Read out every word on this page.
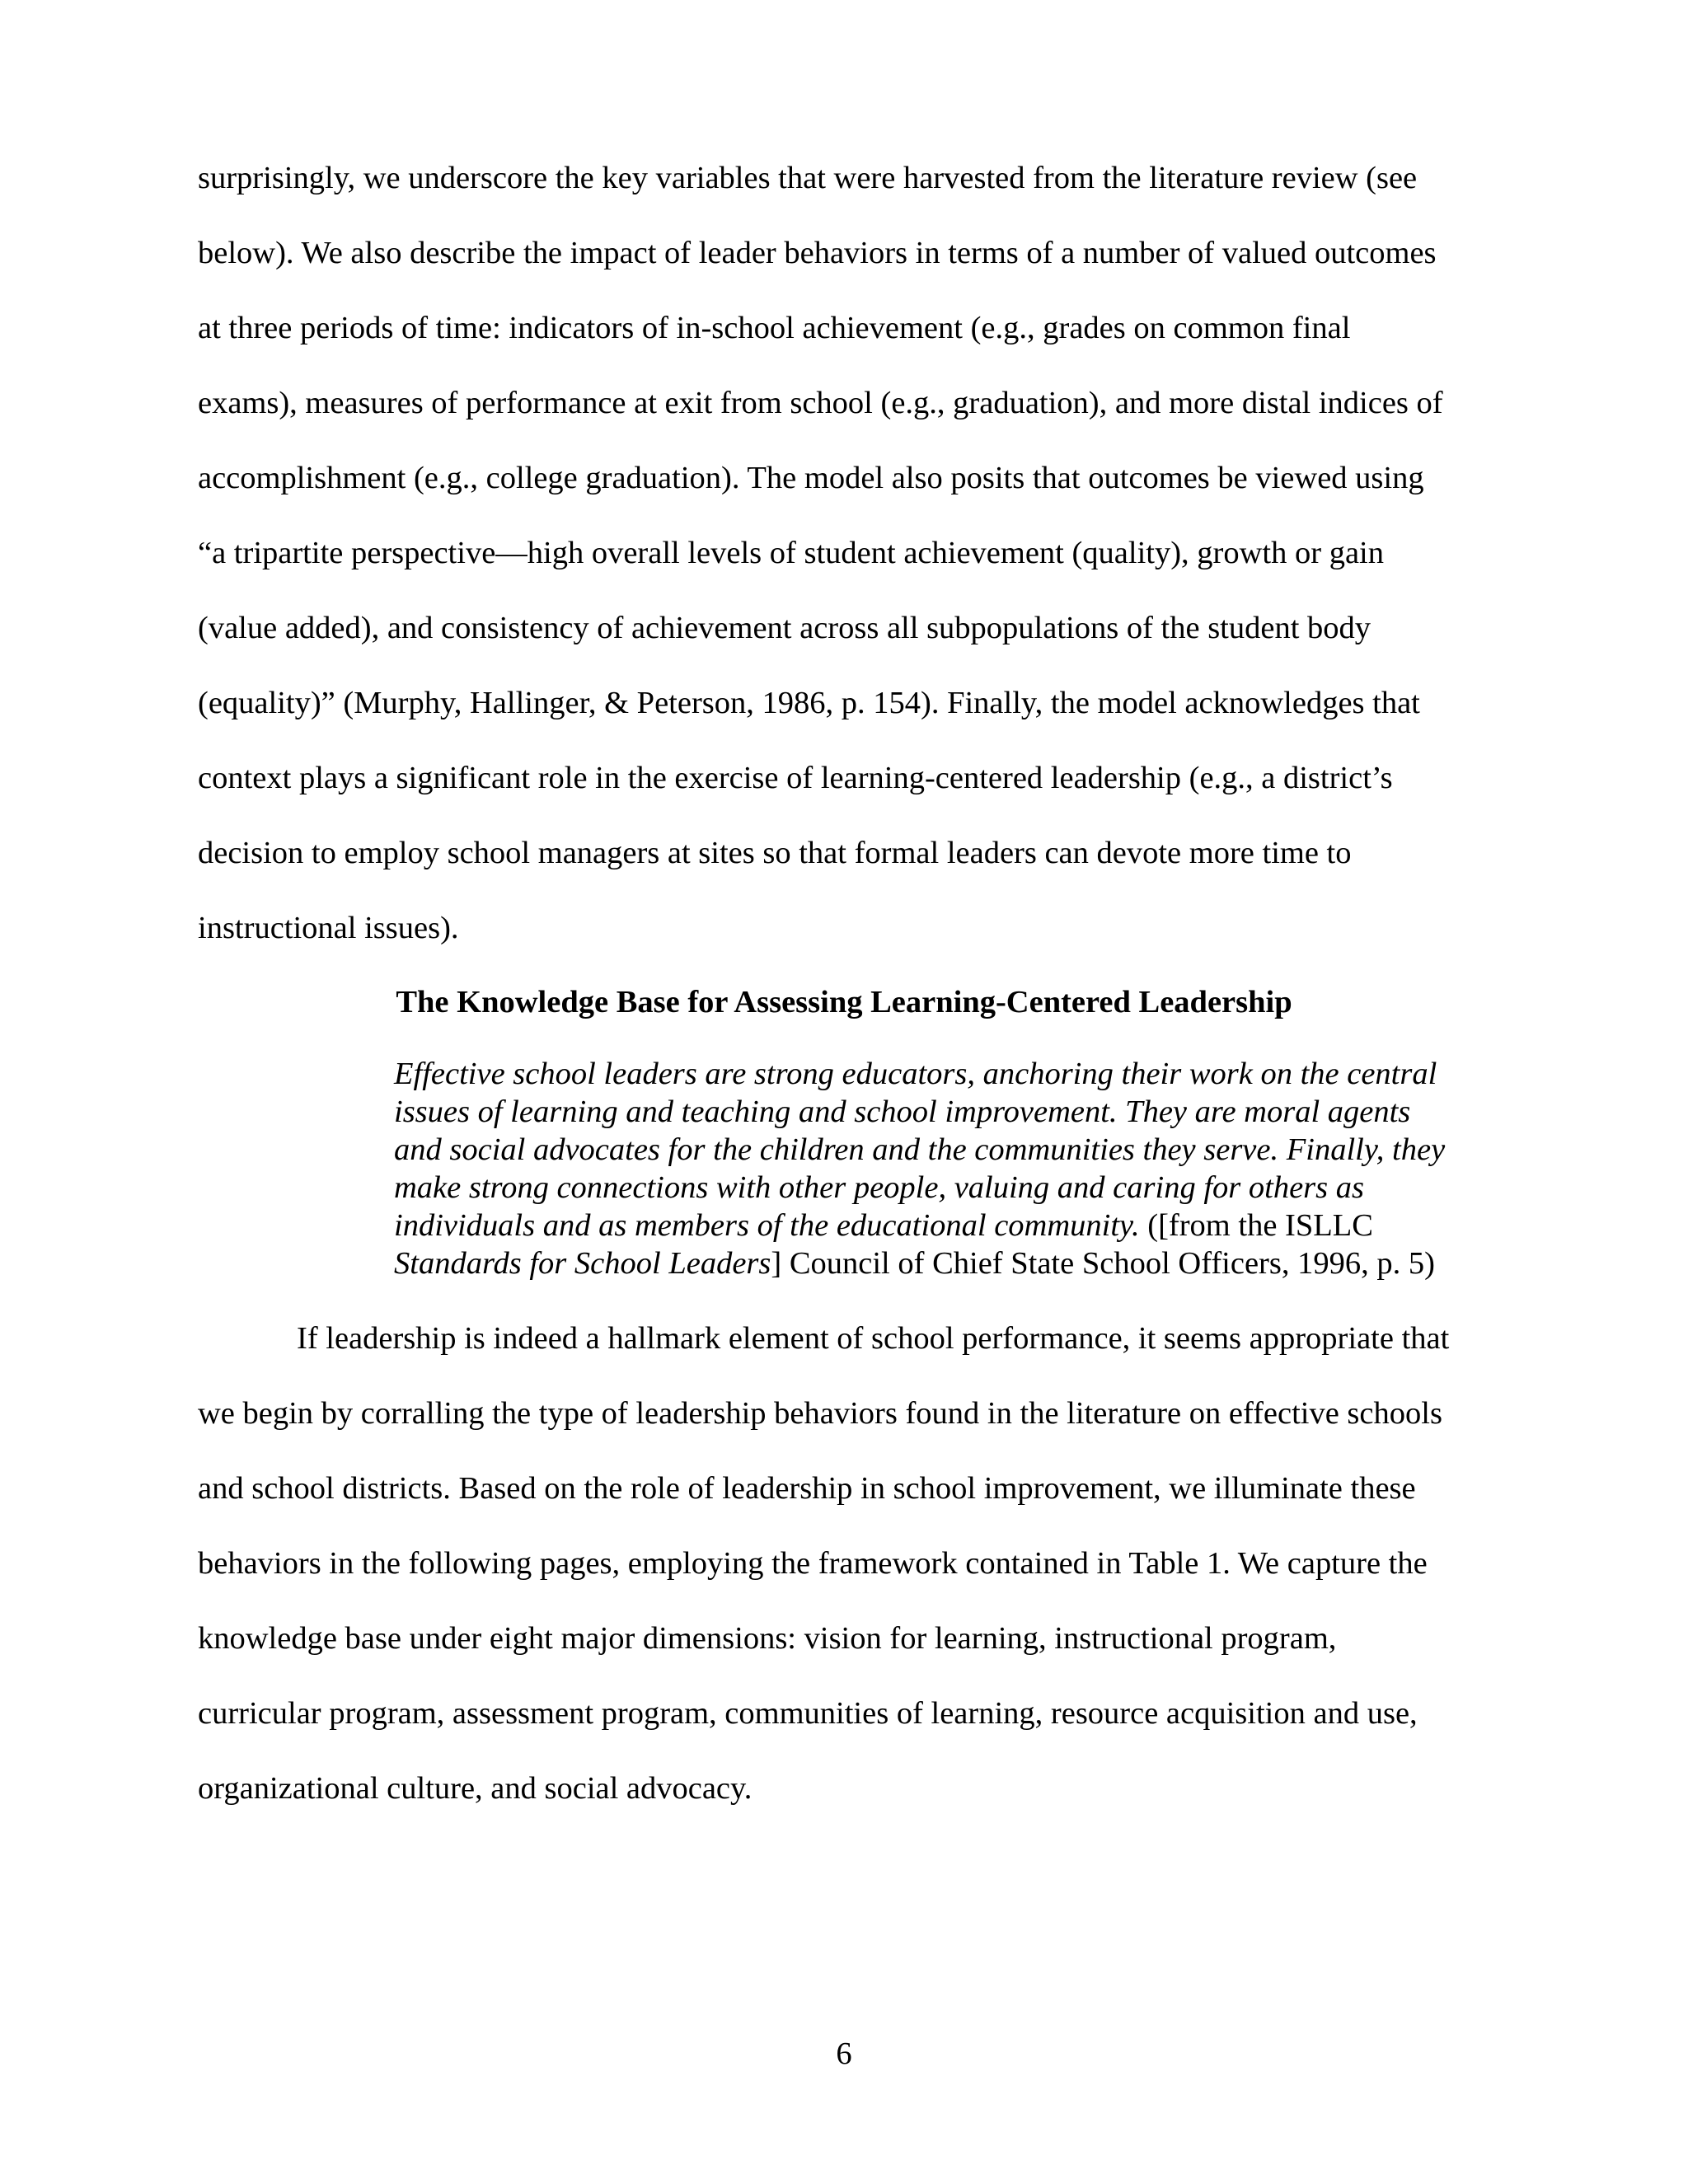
surprisingly, we underscore the key variables that were harvested from the literature review (see
below). We also describe the impact of leader behaviors in terms of a number of valued outcomes
at three periods of time: indicators of in-school achievement (e.g., grades on common final
exams), measures of performance at exit from school (e.g., graduation), and more distal indices of
accomplishment (e.g., college graduation). The model also posits that outcomes be viewed using
“a tripartite perspective—high overall levels of student achievement (quality), growth or gain
(value added), and consistency of achievement across all subpopulations of the student body
(equality)” (Murphy, Hallinger, & Peterson, 1986, p. 154). Finally, the model acknowledges that
context plays a significant role in the exercise of learning-centered leadership (e.g., a district’s
decision to employ school managers at sites so that formal leaders can devote more time to
instructional issues).
The Knowledge Base for Assessing Learning-Centered Leadership
Effective school leaders are strong educators, anchoring their work on the central
issues of learning and teaching and school improvement. They are moral agents
and social advocates for the children and the communities they serve. Finally, they
make strong connections with other people, valuing and caring for others as
individuals and as members of the educational community. ([from the ISLLC
Standards for School Leaders] Council of Chief State School Officers, 1996, p. 5)
If leadership is indeed a hallmark element of school performance, it seems appropriate that
we begin by corralling the type of leadership behaviors found in the literature on effective schools
and school districts. Based on the role of leadership in school improvement, we illuminate these
behaviors in the following pages, employing the framework contained in Table 1. We capture the
knowledge base under eight major dimensions: vision for learning, instructional program,
curricular program, assessment program, communities of learning, resource acquisition and use,
organizational culture, and social advocacy.
6
